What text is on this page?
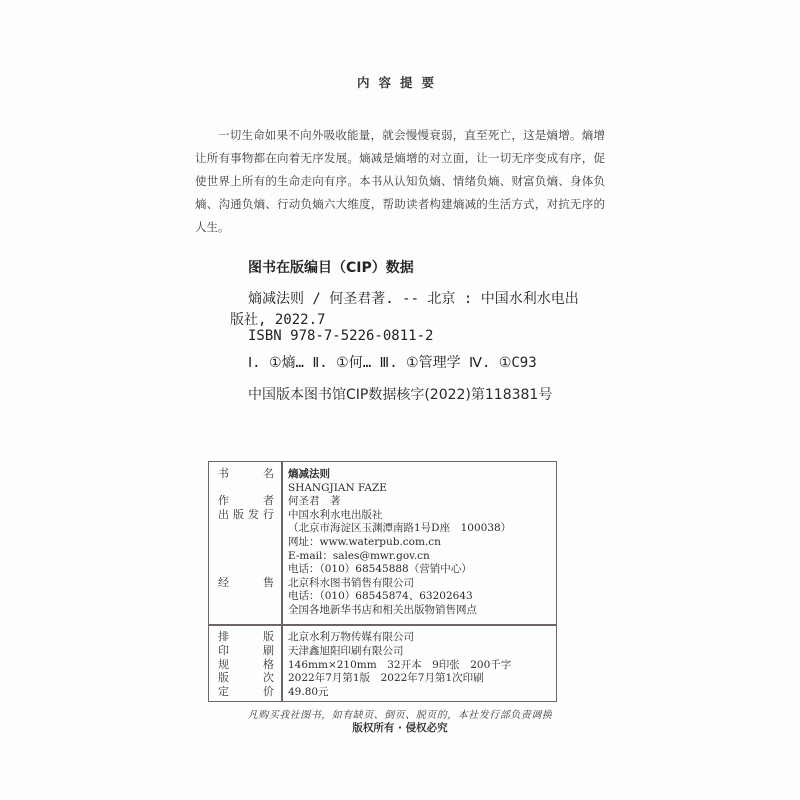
内容提要

一切生命如果不向外吸收能量，就会慢慢衰弱，直至死亡，这是熵增。熵增让所有事物都在向着无序发展。熵减是熵增的对立面，让一切无序变成有序，促使世界上所有的生命走向有序。本书从认知负熵、情绪负熵、财富负熵、身体负熵、沟通负熵、行动负熵六大维度，帮助读者构建熵减的生活方式，对抗无序的人生。

图书在版编目（CIP）数据
熵减法则 / 何圣君著. -- 北京 : 中国水利水电出
版社, 2022.7
ISBN 978-7-5226-0811-2
Ⅰ. ①熵… Ⅱ. ①何… Ⅲ. ①管理学 Ⅳ. ①C93
中国版本图书馆CIP数据核字(2022)第118381号
书	名 熵减法则
SHANGJIAN FAZE
作	者 何圣君　著
出 版 发 行 中国水利水电出版社
（北京市海淀区玉渊潭南路1号D座　100038）
网址：www.waterpub.com.cn
E-mail：sales@mwr.gov.cn
电话：（010）68545888（营销中心）
经	售 北京科水图书销售有限公司
电话：（010）68545874、63202643
全国各地新华书店和相关出版物销售网点
排	版 北京水利万物传媒有限公司
印	刷 天津鑫旭阳印刷有限公司
规	格 146mm×210mm　32开本　9印张　200千字
版	次 2022年7月第1版　2022年7月第1次印刷
定	价 49.80元
凡购买我社图书，如有缺页、倒页、脱页的，本社发行部负责调换
版权所有 · 侵权必究
